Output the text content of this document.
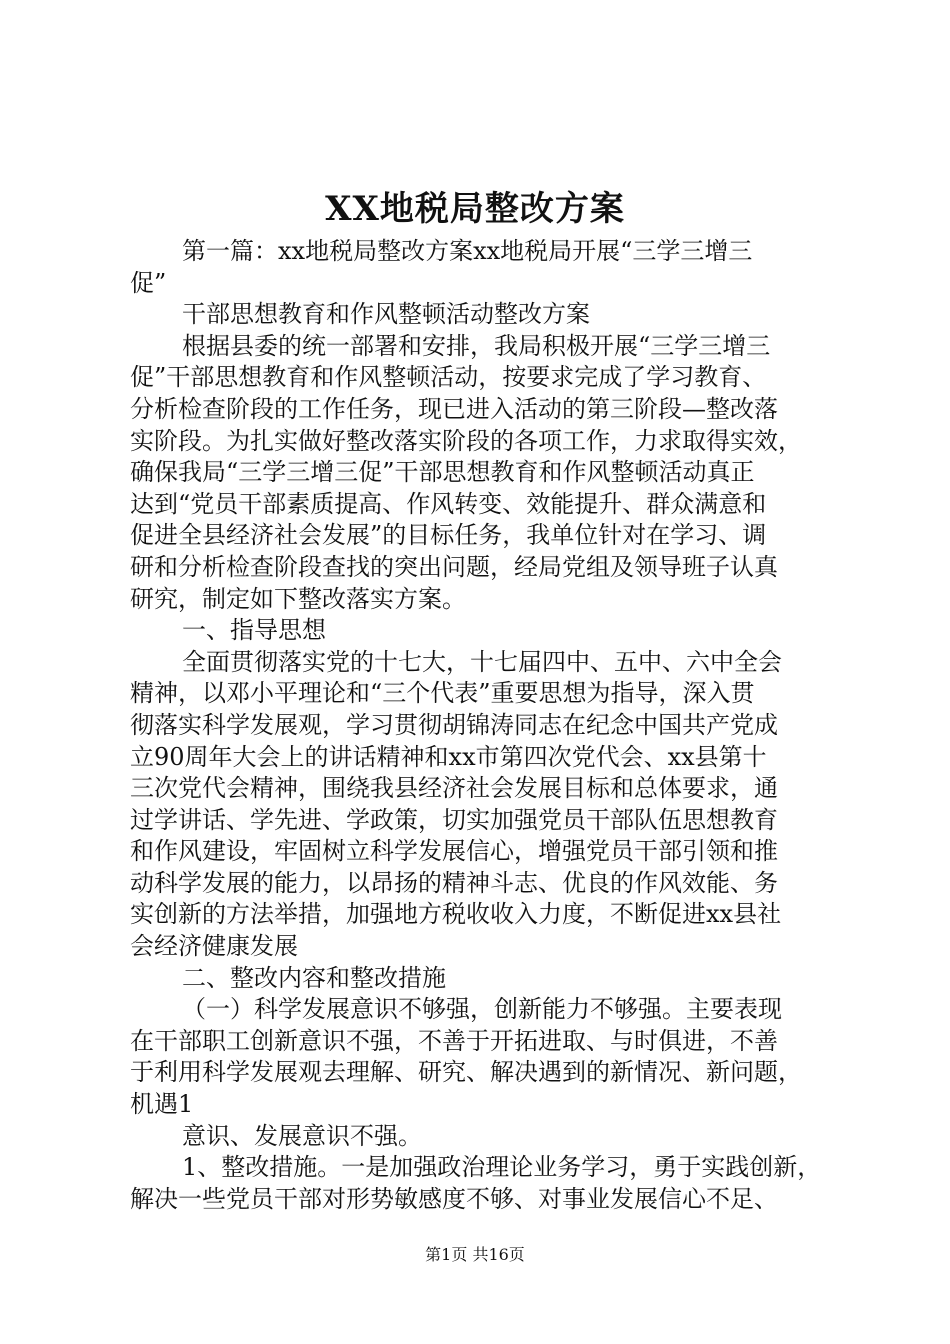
XX地税局整改方案
第一篇：xx地税局整改方案xx地税局开展“三学三增三
促”
干部思想教育和作风整顿活动整改方案
根据县委的统一部署和安排，我局积极开展“三学三增三
促”干部思想教育和作风整顿活动，按要求完成了学习教育、
分析检查阶段的工作任务，现已进入活动的第三阶段—整改落
实阶段。为扎实做好整改落实阶段的各项工作，力求取得实效，
确保我局“三学三增三促”干部思想教育和作风整顿活动真正
达到“党员干部素质提高、作风转变、效能提升、群众满意和
促进全县经济社会发展”的目标任务，我单位针对在学习、调
研和分析检查阶段查找的突出问题，经局党组及领导班子认真
研究，制定如下整改落实方案。
一、指导思想
全面贯彻落实党的十七大，十七届四中、五中、六中全会
精神，以邓小平理论和“三个代表”重要思想为指导，深入贯
彻落实科学发展观，学习贯彻胡锦涛同志在纪念中国共产党成
立90周年大会上的讲话精神和xx市第四次党代会、xx县第十
三次党代会精神，围绕我县经济社会发展目标和总体要求，通
过学讲话、学先进、学政策，切实加强党员干部队伍思想教育
和作风建设，牢固树立科学发展信心，增强党员干部引领和推
动科学发展的能力，以昂扬的精神斗志、优良的作风效能、务
实创新的方法举措，加强地方税收收入力度，不断促进xx县社
会经济健康发展
二、整改内容和整改措施
（一）科学发展意识不够强，创新能力不够强。主要表现
在干部职工创新意识不强，不善于开拓进取、与时俱进，不善
于利用科学发展观去理解、研究、解决遇到的新情况、新问题，
机遇1
意识、发展意识不强。
1、整改措施。一是加强政治理论业务学习，勇于实践创新，
解决一些党员干部对形势敏感度不够、对事业发展信心不足、
第1页 共16页
